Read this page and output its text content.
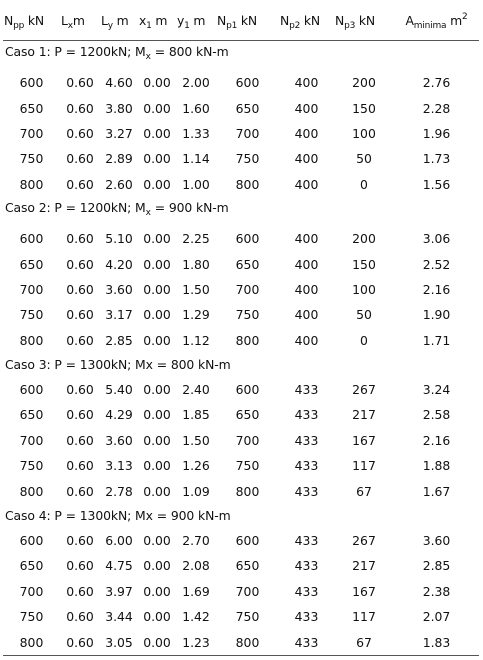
$N_{pp}$ kN	$L_xm$	$L_y$ m	$x_1$ m	$y_1$ m	$N_{p1}$ kN	$N_{p2}$ kN	$N_{p3}$ kN	$A_{minima}$ $m^2$
Caso 1: P = 1200kN; $M_x = 800$ kN-m								

600	0.60	4.60	0.00	2.00	600	400	200	2.76
650	0.60	3.80	0.00	1.60	650	400	150	2.28
700	0.60	3.27	0.00	1.33	700	400	100	1.96
750	0.60	2.89	0.00	1.14	750	400	50	1.73
800	0.60	2.60	0.00	1.00	800	400	0	1.56
Caso 2: P = 1200kN; $M_x = 900$ kN-m								

600	0.60	5.10	0.00	2.25	600	400	200	3.06
650	0.60	4.20	0.00	1.80	650	400	150	2.52
700	0.60	3.60	0.00	1.50	700	400	100	2.16
750	0.60	3.17	0.00	1.29	750	400	50	1.90
800	0.60	2.85	0.00	1.12	800	400	0	1.71
Caso 3: P = 1300kN; Mx = 800 kN-m								
600	0.60	5.40	0.00	2.40	600	433	267	3.24
650	0.60	4.29	0.00	1.85	650	433	217	2.58
700	0.60	3.60	0.00	1.50	700	433	167	2.16
750	0.60	3.13	0.00	1.26	750	433	117	1.88
800	0.60	2.78	0.00	1.09	800	433	67	1.67
Caso 4: P = 1300kN; Mx = 900 kN-m								
600	0.60	6.00	0.00	2.70	600	433	267	3.60
650	0.60	4.75	0.00	2.08	650	433	217	2.85
700	0.60	3.97	0.00	1.69	700	433	167	2.38
750	0.60	3.44	0.00	1.42	750	433	117	2.07
800	0.60	3.05	0.00	1.23	800	433	67	1.83
